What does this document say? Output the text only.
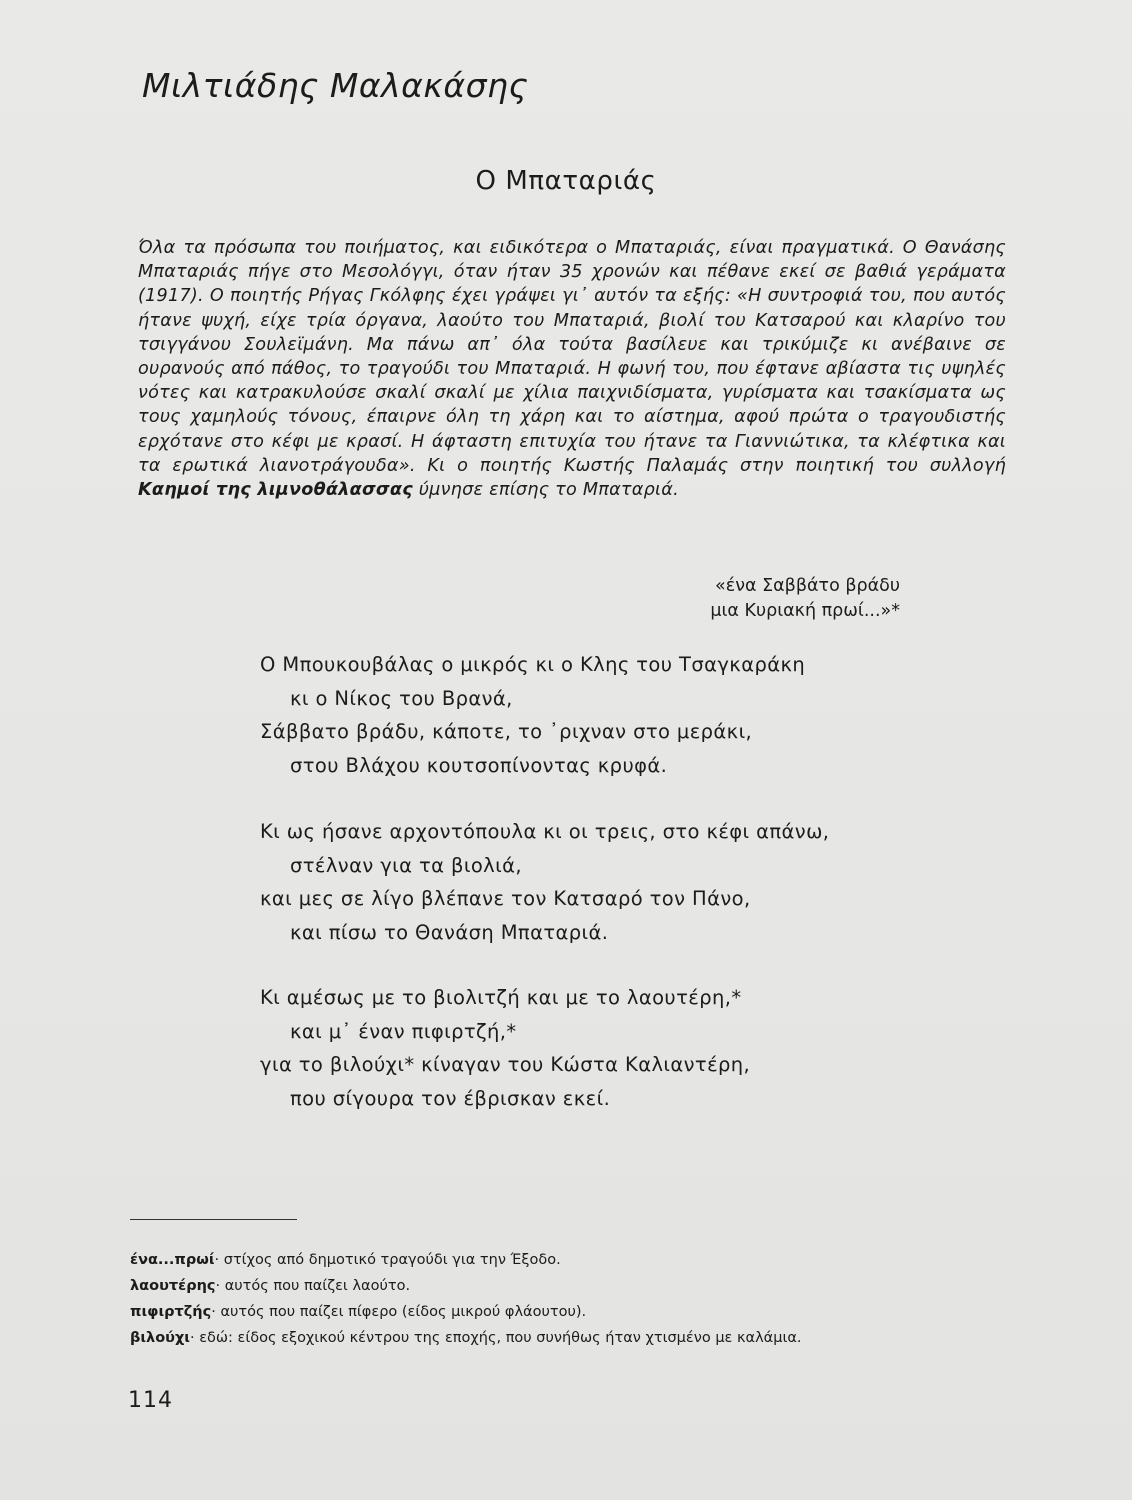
Μιλτιάδης Μαλακάσης
Ο Μπαταριάς
Όλα τα πρόσωπα του ποιήματος, και ειδικότερα ο Μπαταριάς, είναι πραγματικά. Ο Θανάσης Μπαταριάς πήγε στο Μεσολόγγι, όταν ήταν 35 χρονών και πέθανε εκεί σε βαθιά γεράματα (1917). Ο ποιητής Ρήγας Γκόλφης έχει γράψει γι᾽ αυτόν τα εξής: «Η συντροφιά του, που αυτός ήτανε ψυχή, είχε τρία όργανα, λαούτο του Μπαταριά, βιολί του Κατσαρού και κλαρίνο του τσιγγάνου Σουλεϊμάνη. Μα πάνω απ᾽ όλα τούτα βασίλευε και τρικύμιζε κι ανέβαινε σε ουρανούς από πάθος, το τραγούδι του Μπαταριά. Η φωνή του, που έφτανε αβίαστα τις υψηλές νότες και κατρακυλούσε σκαλί σκαλί με χίλια παιχνιδίσματα, γυρίσματα και τσακίσματα ως τους χαμηλούς τόνους, έπαιρνε όλη τη χάρη και το αίστημα, αφού πρώτα ο τραγουδιστής ερχότανε στο κέφι με κρασί. Η άφταστη επιτυχία του ήτανε τα Γιαννιώτικα, τα κλέφτικα και τα ερωτικά λιανοτράγουδα». Κι ο ποιητής Κωστής Παλαμάς στην ποιητική του συλλογή Καημοί της λιμνοθάλασσας ύμνησε επίσης το Μπαταριά.
«ένα Σαββάτο βράδυ
μια Κυριακή πρωί...»*
Ο Μπουκουβάλας ο μικρός κι ο Κλης του Τσαγκαράκη
κι ο Νίκος του Βρανά,
Σάββατο βράδυ, κάποτε, το ᾽ριχναν στο μεράκι,
στου Βλάχου κουτσοπίνοντας κρυφά.
Κι ως ήσανε αρχοντόπουλα κι οι τρεις, στο κέφι απάνω,
στέλναν για τα βιολιά,
και μες σε λίγο βλέπανε τον Κατσαρό τον Πάνο,
και πίσω το Θανάση Μπαταριά.
Κι αμέσως με το βιολιτζή και με το λαουτέρη,*
και μ᾽ έναν πιφιρτζή,*
για το βιλούχι* κίναγαν του Κώστα Καλιαντέρη,
που σίγουρα τον έβρισκαν εκεί.
ένα...πρωί· στίχος από δημοτικό τραγούδι για την Έξοδο.
λαουτέρης· αυτός που παίζει λαούτο.
πιφιρτζής· αυτός που παίζει πίφερο (είδος μικρού φλάουτου).
βιλούχι· εδώ: είδος εξοχικού κέντρου της εποχής, που συνήθως ήταν χτισμένο με καλάμια.
114
